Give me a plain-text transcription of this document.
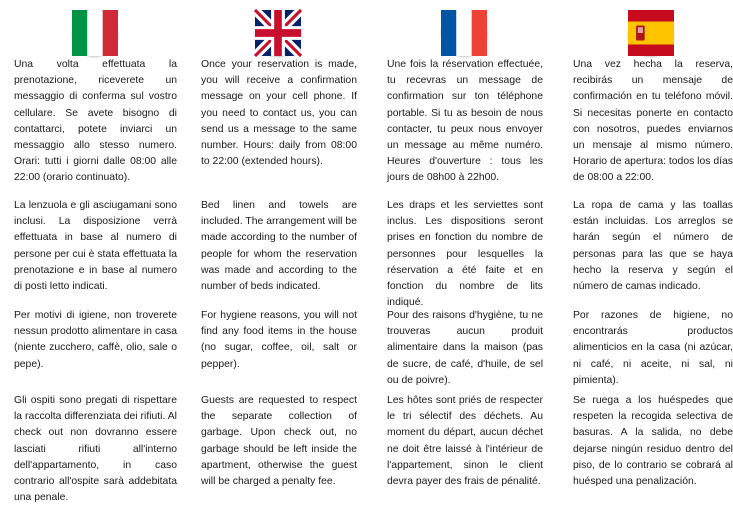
Una volta effettuata la prenotazione, riceverete un messaggio di conferma sul vostro cellulare. Se avete bisogno di contattarci, potete inviarci un messaggio allo stesso numero. Orari: tutti i giorni dalle 08:00 alle 22:00 (orario continuato).

La lenzuola e gli asciugamani sono inclusi. La disposizione verrà effettuata in base al numero di persone per cui è stata effettuata la prenotazione e in base al numero di posti letto indicati.

Per motivi di igiene, non troverete nessun prodotto alimentare in casa (niente zucchero, caffè, olio, sale o pepe).

Gli ospiti sono pregati di rispettare la raccolta differenziata dei rifiuti. Al check out non dovranno essere lasciati rifiuti all'interno dell'appartamento, in caso contrario all'ospite sarà addebitata una penale.

Once your reservation is made, you will receive a confirmation message on your cell phone. If you need to contact us, you can send us a message to the same number. Hours: daily from 08:00 to 22:00 (extended hours).

Bed linen and towels are included. The arrangement will be made according to the number of people for whom the reservation was made and according to the number of beds indicated.

For hygiene reasons, you will not find any food items in the house (no sugar, coffee, oil, salt or pepper).

Guests are requested to respect the separate collection of garbage. Upon check out, no garbage should be left inside the apartment, otherwise the guest will be charged a penalty fee.

Une fois la réservation effectuée, tu recevras un message de confirmation sur ton téléphone portable. Si tu as besoin de nous contacter, tu peux nous envoyer un message au même numéro. Heures d'ouverture : tous les jours de 08h00 à 22h00.

Les draps et les serviettes sont inclus. Les dispositions seront prises en fonction du nombre de personnes pour lesquelles la réservation a été faite et en fonction du nombre de lits indiqué.

Pour des raisons d'hygiène, tu ne trouveras aucun produit alimentaire dans la maison (pas de sucre, de café, d'huile, de sel ou de poivre).

Les hôtes sont priés de respecter le tri sélectif des déchets. Au moment du départ, aucun déchet ne doit être laissé à l'intérieur de l'appartement, sinon le client devra payer des frais de pénalité.

Una vez hecha la reserva, recibirás un mensaje de confirmación en tu teléfono móvil. Si necesitas ponerte en contacto con nosotros, puedes enviarnos un mensaje al mismo número. Horario de apertura: todos los días de 08:00 a 22:00.

La ropa de cama y las toallas están incluidas. Los arreglos se harán según el número de personas para las que se haya hecho la reserva y según el número de camas indicado.

Por razones de higiene, no encontrarás productos alimenticios en la casa (ni azúcar, ni café, ni aceite, ni sal, ni pimienta).

Se ruega a los huéspedes que respeten la recogida selectiva de basuras. A la salida, no debe dejarse ningún residuo dentro del piso, de lo contrario se cobrará al huésped una penalización.
